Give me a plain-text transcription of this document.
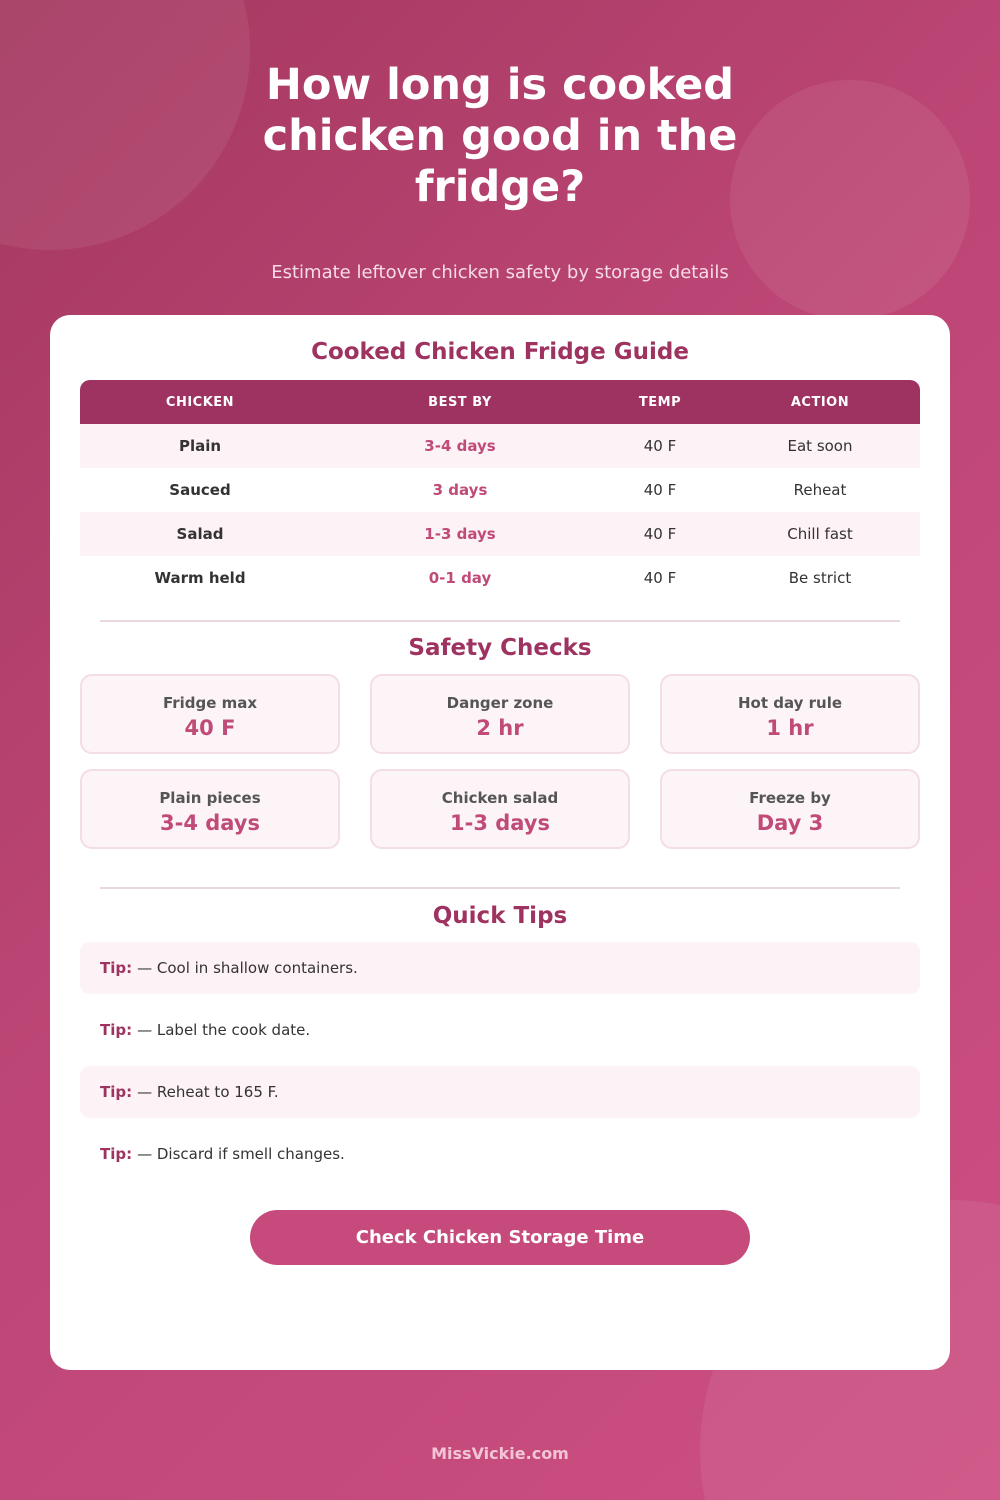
How long is cooked chicken good in the fridge?

Estimate leftover chicken safety by storage details

Cooked Chicken Fridge Guide
CHICKEN	BEST BY	TEMP	ACTION
Plain	3-4 days	40 F	Eat soon
Sauced	3 days	40 F	Reheat
Salad	1-3 days	40 F	Chill fast
Warm held	0-1 day	40 F	Be strict
Safety Checks
Fridge max
40 F
Danger zone
2 hr
Hot day rule
1 hr
Plain pieces
3-4 days
Chicken salad
1-3 days
Freeze by
Day 3
Quick Tips
Tip: — Cool in shallow containers.
Tip: — Label the cook date.
Tip: — Reheat to 165 F.
Tip: — Discard if smell changes.
Check Chicken Storage Time
MissVickie.com
